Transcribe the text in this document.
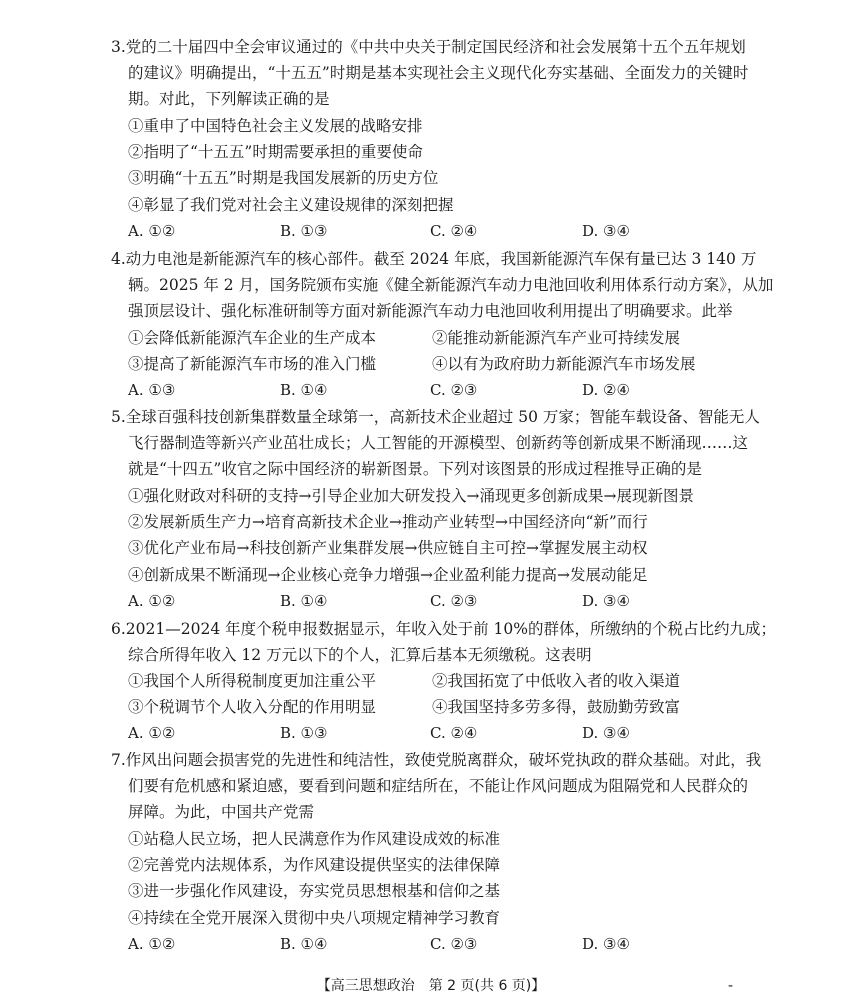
3.党的二十届四中全会审议通过的《中共中央关于制定国民经济和社会发展第十五个五年规划
的建议》明确提出，“十五五”时期是基本实现社会主义现代化夯实基础、全面发力的关键时
期。对此，下列解读正确的是
①重申了中国特色社会主义发展的战略安排
②指明了“十五五”时期需要承担的重要使命
③明确“十五五”时期是我国发展新的历史方位
④彰显了我们党对社会主义建设规律的深刻把握
A. ①②	B. ①③	C. ②④	D. ③④
4.动力电池是新能源汽车的核心部件。截至 2024 年底，我国新能源汽车保有量已达 3 140 万
辆。2025 年 2 月，国务院颁布实施《健全新能源汽车动力电池回收利用体系行动方案》，从加
强顶层设计、强化标准研制等方面对新能源汽车动力电池回收利用提出了明确要求。此举
①会降低新能源汽车企业的生产成本	②能推动新能源汽车产业可持续发展
③提高了新能源汽车市场的准入门槛	④以有为政府助力新能源汽车市场发展
A. ①③	B. ①④	C. ②③	D. ②④
5.全球百强科技创新集群数量全球第一，高新技术企业超过 50 万家；智能车载设备、智能无人
飞行器制造等新兴产业茁壮成长；人工智能的开源模型、创新药等创新成果不断涌现……这
就是“十四五”收官之际中国经济的崭新图景。下列对该图景的形成过程推导正确的是
①强化财政对科研的支持→引导企业加大研发投入→涌现更多创新成果→展现新图景
②发展新质生产力→培育高新技术企业→推动产业转型→中国经济向“新”而行
③优化产业布局→科技创新产业集群发展→供应链自主可控→掌握发展主动权
④创新成果不断涌现→企业核心竞争力增强→企业盈利能力提高→发展动能足
A. ①②	B. ①④	C. ②③	D. ③④
6.2021—2024 年度个税申报数据显示，年收入处于前 10%的群体，所缴纳的个税占比约九成；
综合所得年收入 12 万元以下的个人，汇算后基本无须缴税。这表明
①我国个人所得税制度更加注重公平	②我国拓宽了中低收入者的收入渠道
③个税调节个人收入分配的作用明显	④我国坚持多劳多得，鼓励勤劳致富
A. ①②	B. ①③	C. ②④	D. ③④
7.作风出问题会损害党的先进性和纯洁性，致使党脱离群众，破坏党执政的群众基础。对此，我
们要有危机感和紧迫感，要看到问题和症结所在，不能让作风问题成为阻隔党和人民群众的
屏障。为此，中国共产党需
①站稳人民立场，把人民满意作为作风建设成效的标准
②完善党内法规体系，为作风建设提供坚实的法律保障
③进一步强化作风建设，夯实党员思想根基和信仰之基
④持续在全党开展深入贯彻中央八项规定精神学习教育
A. ①②	B. ①④	C. ②③	D. ③④
【高三思想政治　第 2 页(共 6 页)】	-
